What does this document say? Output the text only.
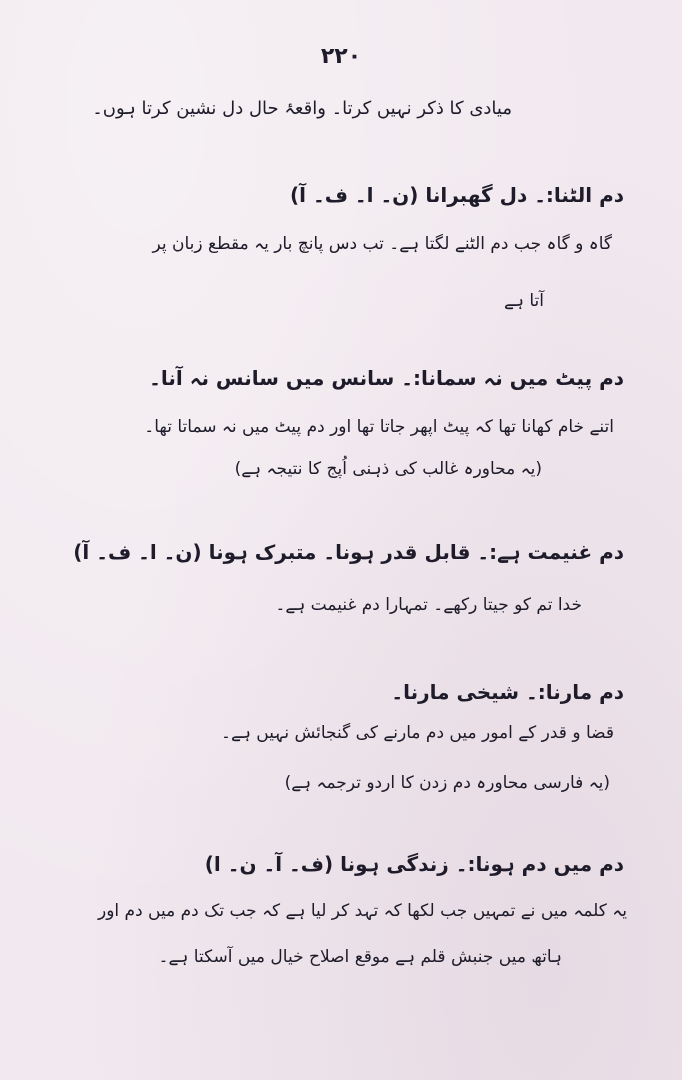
۲۲۰
میادی کا ذکر نہیں کرتا۔ واقعۂ حال دل نشین کرتا ہوں۔
دم الٹنا:۔ دل گھبرانا (ن۔ ا۔ ف۔ آ)
گاہ و گاہ جب دم الٹنے لگتا ہے۔ تب دس پانچ بار یہ مقطع زبان پر
آتا ہے
دم پیٹ میں نہ سمانا:۔ سانس میں سانس نہ آنا۔
اتنے خام کھانا تھا کہ پیٹ اپھر جاتا تھا اور دم پیٹ میں نہ سماتا تھا۔
(یہ محاورہ غالب کی ذہنی اُپج کا نتیجہ ہے)
دم غنیمت ہے:۔ قابل قدر ہونا۔ متبرک ہونا (ن۔ ا۔ ف۔ آ)
خدا تم کو جیتا رکھے۔ تمہارا دم غنیمت ہے۔
دم مارنا:۔ شیخی مارنا۔
قضا و قدر کے امور میں دم مارنے کی گنجائش نہیں ہے۔
(یہ فارسی محاورہ دم زدن کا اردو ترجمہ ہے)
دم میں دم ہونا:۔ زندگی ہونا (ف۔ آ۔ ن۔ ا)
یہ کلمہ میں نے تمہیں جب لکھا کہ تہد کر لیا ہے کہ جب تک دم میں دم اور
ہاتھ میں جنبش قلم ہے موقع اصلاح خیال میں آسکتا ہے۔
